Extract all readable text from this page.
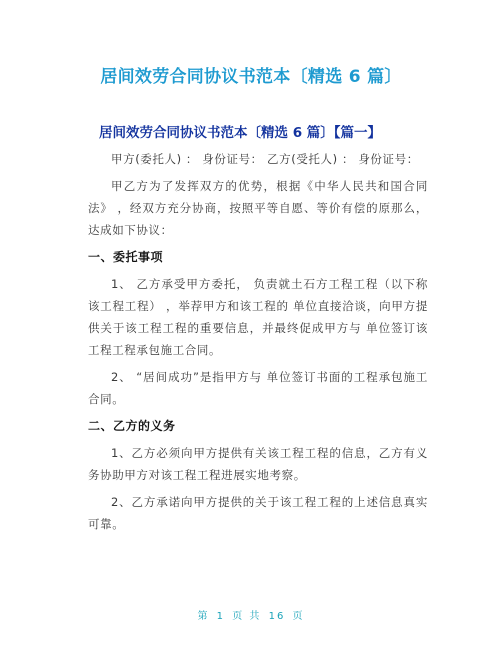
居间效劳合同协议书范本〔精选 6 篇〕
居间效劳合同协议书范本〔精选 6 篇〕【篇一】

甲方(委托人) ： 身份证号： 乙方(受托人) ： 身份证号：

甲乙方为了发挥双方的优势，根据《中华人民共和国合同法》 ，经双方充分协商，按照平等自愿、等价有偿的原那么，达成如下协议：

一、委托事项

1、 乙方承受甲方委托， 负责就土石方工程工程（以下称该工程工程） ，举荐甲方和该工程的 单位直接洽谈，向甲方提供关于该工程工程的重要信息，并最终促成甲方与 单位签订该工程工程承包施工合同。

2、 “居间成功”是指甲方与 单位签订书面的工程承包施工合同。

二、乙方的义务

1、乙方必须向甲方提供有关该工程工程的信息，乙方有义务协助甲方对该工程工程进展实地考察。

2、乙方承诺向甲方提供的关于该工程工程的上述信息真实可靠。

第 1 页 共 16 页
